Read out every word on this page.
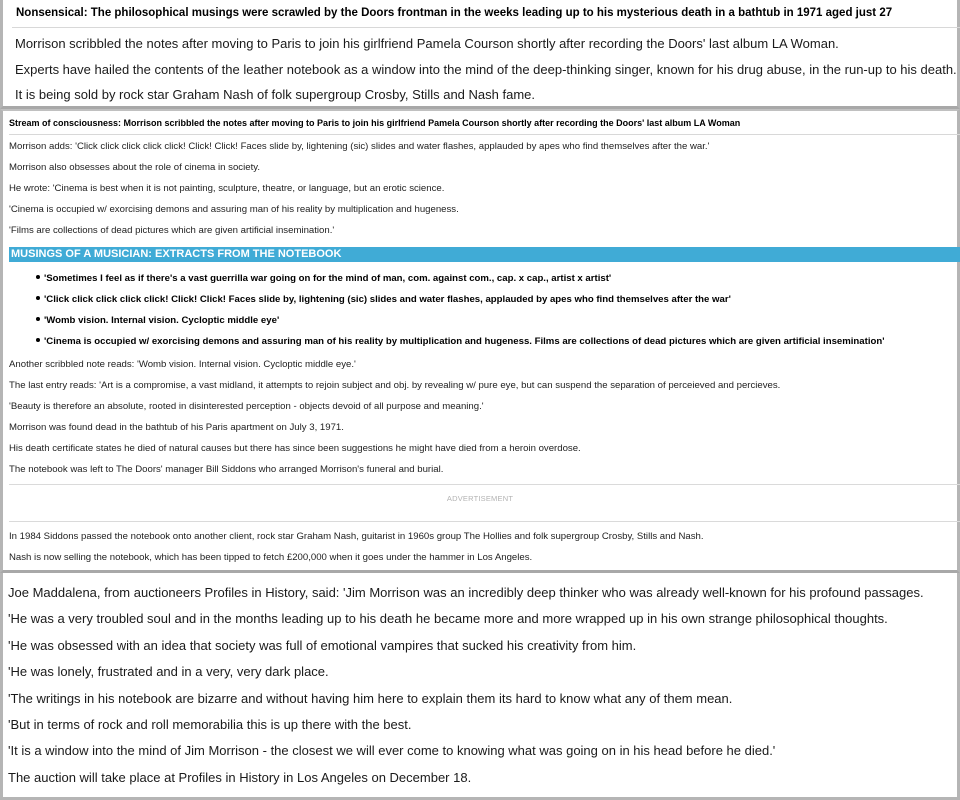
Nonsensical: The philosophical musings were scrawled by the Doors frontman in the weeks leading up to his mysterious death in a bathtub in 1971 aged just 27
Morrison scribbled the notes after moving to Paris to join his girlfriend Pamela Courson shortly after recording the Doors' last album LA Woman.
Experts have hailed the contents of the leather notebook as a window into the mind of the deep-thinking singer, known for his drug abuse, in the run-up to his death.
It is being sold by rock star Graham Nash of folk supergroup Crosby, Stills and Nash fame.
Stream of consciousness: Morrison scribbled the notes after moving to Paris to join his girlfriend Pamela Courson shortly after recording the Doors' last album LA Woman
Morrison adds: 'Click click click click click! Click! Click! Faces slide by, lightening (sic) slides and water flashes, applauded by apes who find themselves after the war.'
Morrison also obsesses about the role of cinema in society.
He wrote: 'Cinema is best when it is not painting, sculpture, theatre, or language, but an erotic science.
'Cinema is occupied w/ exorcising demons and assuring man of his reality by multiplication and hugeness.
'Films are collections of dead pictures which are given artificial insemination.'
MUSINGS OF A MUSICIAN: EXTRACTS FROM THE NOTEBOOK
'Sometimes I feel as if there's a vast guerrilla war going on for the mind of man, com. against com., cap. x cap., artist x artist'
'Click click click click click! Click! Click! Faces slide by, lightening (sic) slides and water flashes, applauded by apes who find themselves after the war'
'Womb vision. Internal vision. Cycloptic middle eye'
'Cinema is occupied w/ exorcising demons and assuring man of his reality by multiplication and hugeness. Films are collections of dead pictures which are given artificial insemination'
Another scribbled note reads: 'Womb vision. Internal vision. Cycloptic middle eye.'
The last entry reads: 'Art is a compromise, a vast midland, it attempts to rejoin subject and obj. by revealing w/ pure eye, but can suspend the separation of perceieved and percieves.
'Beauty is therefore an absolute, rooted in disinterested perception - objects devoid of all purpose and meaning.'
Morrison was found dead in the bathtub of his Paris apartment on July 3, 1971.
His death certificate states he died of natural causes but there has since been suggestions he might have died from a heroin overdose.
The notebook was left to The Doors' manager Bill Siddons who arranged Morrison's funeral and burial.
ADVERTISEMENT
In 1984 Siddons passed the notebook onto another client, rock star Graham Nash, guitarist in 1960s group The Hollies and folk supergroup Crosby, Stills and Nash.
Nash is now selling the notebook, which has been tipped to fetch £200,000 when it goes under the hammer in Los Angeles.
Joe Maddalena, from auctioneers Profiles in History, said: 'Jim Morrison was an incredibly deep thinker who was already well-known for his profound passages.
'He was a very troubled soul and in the months leading up to his death he became more and more wrapped up in his own strange philosophical thoughts.
'He was obsessed with an idea that society was full of emotional vampires that sucked his creativity from him.
'He was lonely, frustrated and in a very, very dark place.
'The writings in his notebook are bizarre and without having him here to explain them its hard to know what any of them mean.
'But in terms of rock and roll memorabilia this is up there with the best.
'It is a window into the mind of Jim Morrison - the closest we will ever come to knowing what was going on in his head before he died.'
The auction will take place at Profiles in History in Los Angeles on December 18.
